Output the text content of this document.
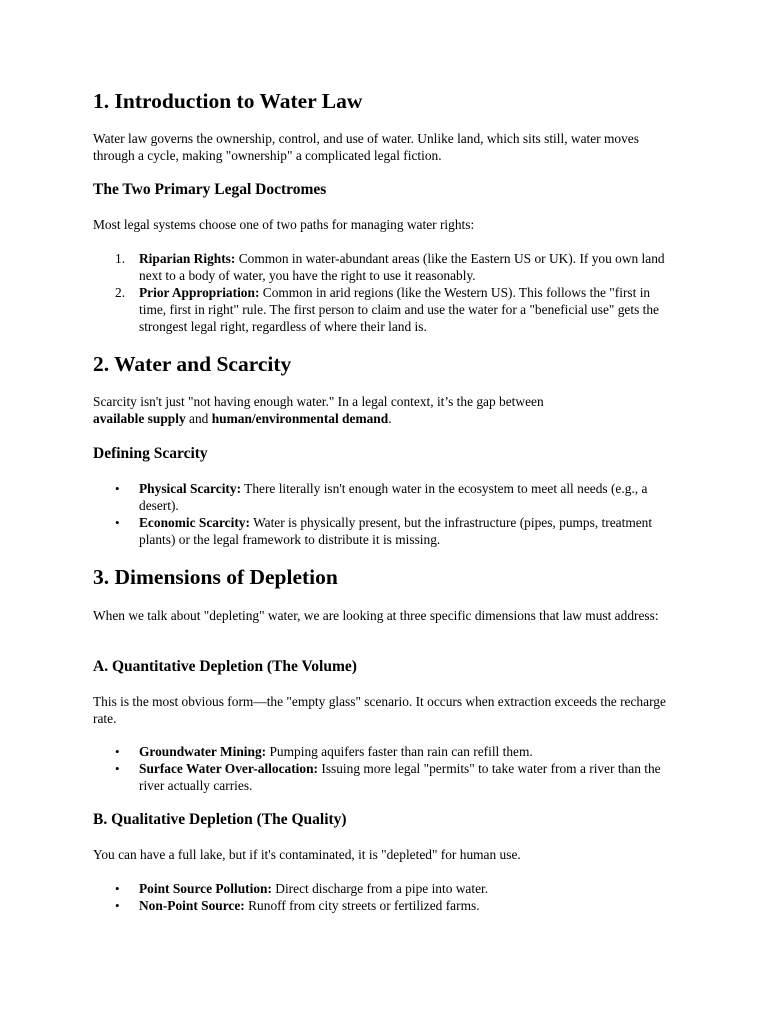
1. Introduction to Water Law

Water law governs the ownership, control, and use of water. Unlike land, which sits still, water moves through a cycle, making "ownership" a complicated legal fiction.

The Two Primary Legal Doctromes

Most legal systems choose one of two paths for managing water rights:

1. Riparian Rights: Common in water-abundant areas (like the Eastern US or UK). If you own land next to a body of water, you have the right to use it reasonably.
2. Prior Appropriation: Common in arid regions (like the Western US). This follows the "first in time, first in right" rule. The first person to claim and use the water for a "beneficial use" gets the strongest legal right, regardless of where their land is.
2. Water and Scarcity

Scarcity isn't just "not having enough water." In a legal context, it’s the gap between
available supply and human/environmental demand.

Defining Scarcity
• Physical Scarcity: There literally isn't enough water in the ecosystem to meet all needs (e.g., a desert).
• Economic Scarcity: Water is physically present, but the infrastructure (pipes, pumps, treatment plants) or the legal framework to distribute it is missing.
3. Dimensions of Depletion

When we talk about "depleting" water, we are looking at three specific dimensions that law must address:

A. Quantitative Depletion (The Volume)

This is the most obvious form—the "empty glass" scenario. It occurs when extraction exceeds the recharge rate.

• Groundwater Mining: Pumping aquifers faster than rain can refill them.
• Surface Water Over-allocation: Issuing more legal "permits" to take water from a river than the river actually carries.
B. Qualitative Depletion (The Quality)

You can have a full lake, but if it's contaminated, it is "depleted" for human use.

• Point Source Pollution: Direct discharge from a pipe into water.
• Non-Point Source: Runoff from city streets or fertilized farms.
